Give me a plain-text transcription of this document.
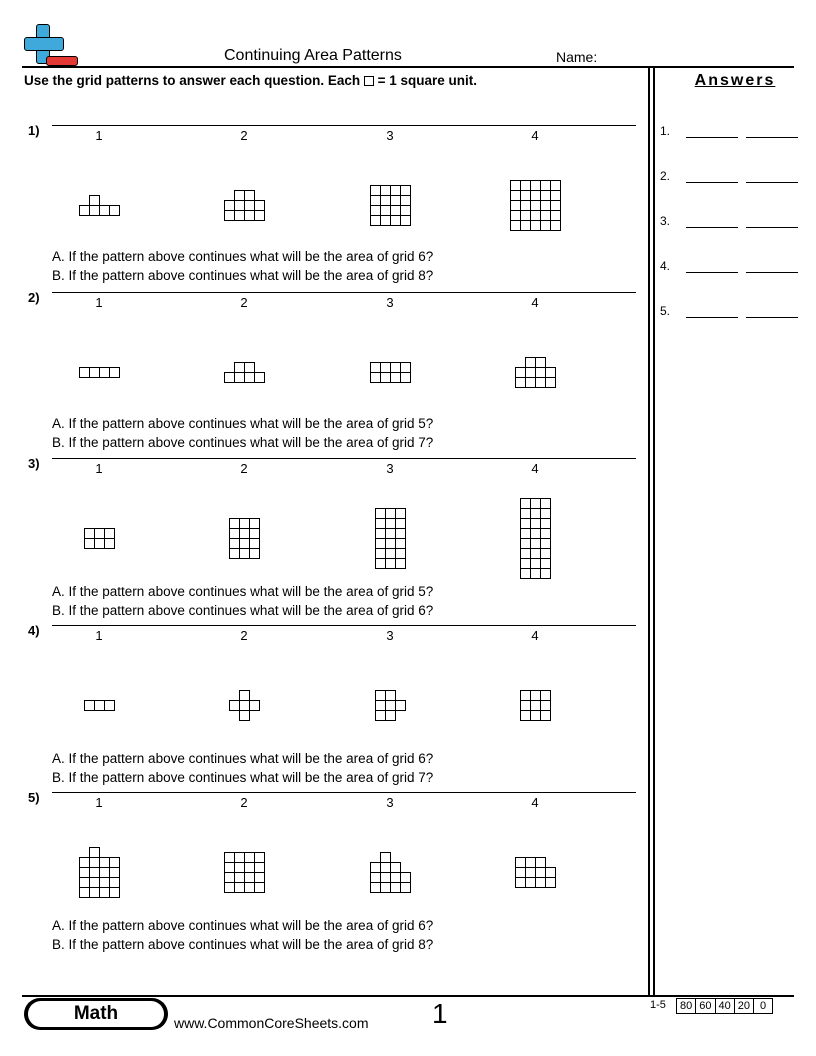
Continuing Area Patterns	Name:
Use the grid patterns to answer each question. Each = 1 square unit.	Answers
1.
2.
3.
4.
5.
1)	1	2	3	4
A. If the pattern above continues what will be the area of grid 6?
B. If the pattern above continues what will be the area of grid 8?
2)	1	2	3	4
A. If the pattern above continues what will be the area of grid 5?
B. If the pattern above continues what will be the area of grid 7?
3)	1	2	3	4
A. If the pattern above continues what will be the area of grid 5?
B. If the pattern above continues what will be the area of grid 6?
4)	1	2	3	4
A. If the pattern above continues what will be the area of grid 6?
B. If the pattern above continues what will be the area of grid 7?
5)	1	2	3	4
A. If the pattern above continues what will be the area of grid 6?
B. If the pattern above continues what will be the area of grid 8?
Math	www.CommonCoreSheets.com 1	1-5	80 60 40 20 0
